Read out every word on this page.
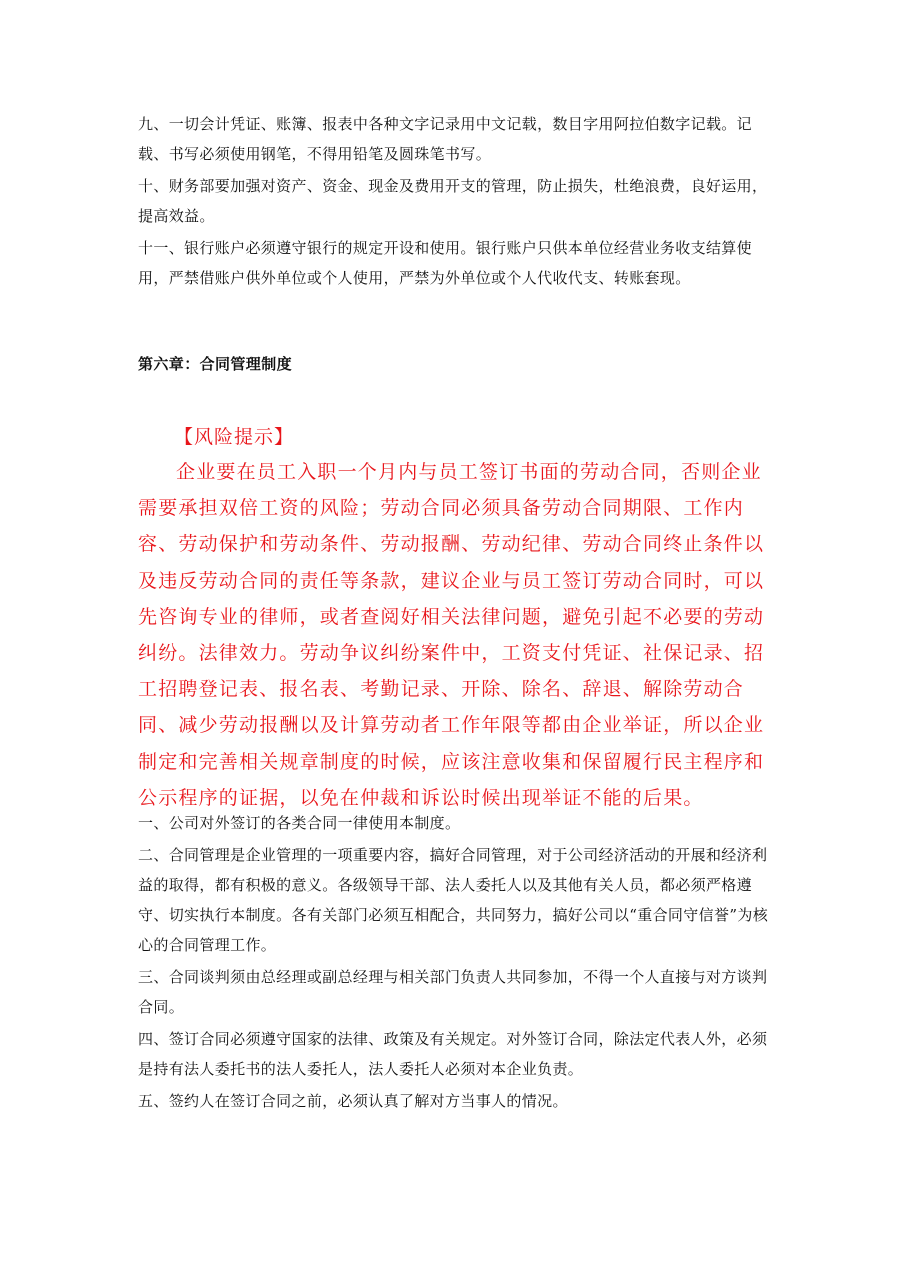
九、一切会计凭证、账簿、报表中各种文字记录用中文记载，数目字用阿拉伯数字记载。记载、书写必须使用钢笔，不得用铅笔及圆珠笔书写。
十、财务部要加强对资产、资金、现金及费用开支的管理，防止损失，杜绝浪费，良好运用，提高效益。
十一、银行账户必须遵守银行的规定开设和使用。银行账户只供本单位经营业务收支结算使用，严禁借账户供外单位或个人使用，严禁为外单位或个人代收代支、转账套现。
第六章：合同管理制度
【风险提示】

企业要在员工入职一个月内与员工签订书面的劳动合同，否则企业需要承担双倍工资的风险；劳动合同必须具备劳动合同期限、工作内容、劳动保护和劳动条件、劳动报酬、劳动纪律、劳动合同终止条件以及违反劳动合同的责任等条款，建议企业与员工签订劳动合同时，可以先咨询专业的律师，或者查阅好相关法律问题，避免引起不必要的劳动纠纷。法律效力。劳动争议纠纷案件中，工资支付凭证、社保记录、招工招聘登记表、报名表、考勤记录、开除、除名、辞退、解除劳动合同、减少劳动报酬以及计算劳动者工作年限等都由企业举证，所以企业制定和完善相关规章制度的时候，应该注意收集和保留履行民主程序和公示程序的证据，以免在仲裁和诉讼时候出现举证不能的后果。

一、公司对外签订的各类合同一律使用本制度。
二、合同管理是企业管理的一项重要内容，搞好合同管理，对于公司经济活动的开展和经济利益的取得，都有积极的意义。各级领导干部、法人委托人以及其他有关人员，都必须严格遵守、切实执行本制度。各有关部门必须互相配合，共同努力，搞好公司以“重合同守信誉”为核心的合同管理工作。
三、合同谈判须由总经理或副总经理与相关部门负责人共同参加，不得一个人直接与对方谈判合同。
四、签订合同必须遵守国家的法律、政策及有关规定。对外签订合同，除法定代表人外，必须是持有法人委托书的法人委托人，法人委托人必须对本企业负责。
五、签约人在签订合同之前，必须认真了解对方当事人的情况。
